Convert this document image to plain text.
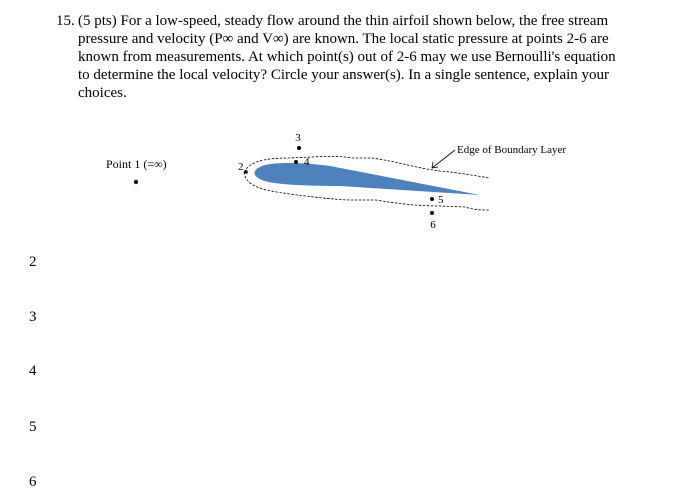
15. (5 pts) For a low-speed, steady flow around the thin airfoil shown below, the free stream
pressure and velocity (P∞ and V∞) are known. The local static pressure at points 2-6 are
known from measurements. At which point(s) out of 2-6 may we use Bernoulli's equation
to determine the local velocity? Circle your answer(s). In a single sentence, explain your
choices.
Point 1 (=∞)	2
3
4
5
6
Edge of Boundary Layer
2
3
4
5
6
